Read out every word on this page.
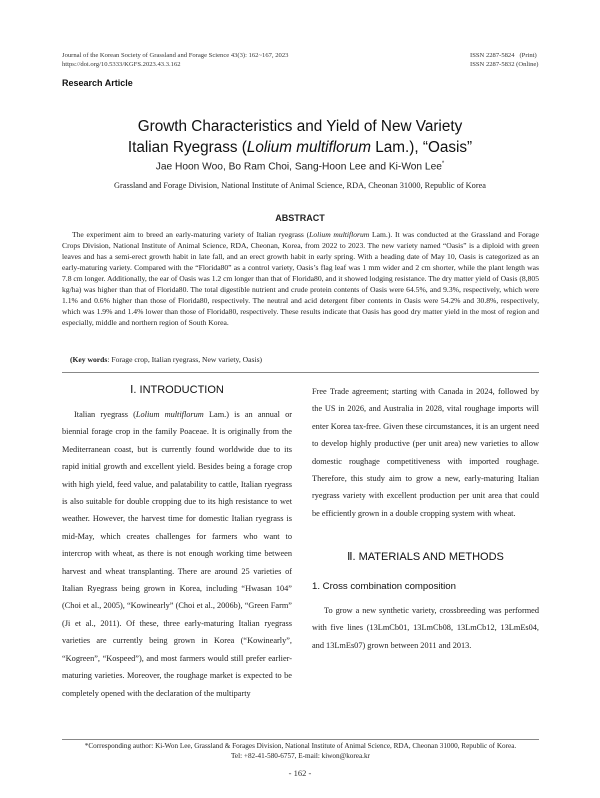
Journal of the Korean Society of Grassland and Forage Science 43(3): 162~167, 2023
https://doi.org/10.5333/KGFS.2023.43.3.162
ISSN 2287-5824   (Print)
ISSN 2287-5832 (Online)
Research Article
Growth Characteristics and Yield of New Variety
Italian Ryegrass (Lolium multiflorum Lam.), “Oasis”
Jae Hoon Woo, Bo Ram Choi, Sang-Hoon Lee and Ki-Won Lee*
Grassland and Forage Division, National Institute of Animal Science, RDA, Cheonan 31000, Republic of Korea
ABSTRACT

The experiment aim to breed an early-maturing variety of Italian ryegrass (Lolium multiflorum Lam.). It was conducted at the Grassland and Forage Crops Division, National Institute of Animal Science, RDA, Cheonan, Korea, from 2022 to 2023. The new variety named “Oasis” is a diploid with green leaves and has a semi-erect growth habit in late fall, and an erect growth habit in early spring. With a heading date of May 10, Oasis is categorized as an early-maturing variety. Compared with the “Florida80” as a control variety, Oasis’s flag leaf was 1 mm wider and 2 cm shorter, while the plant length was 7.8 cm longer. Additionally, the ear of Oasis was 1.2 cm longer than that of Florida80, and it showed lodging resistance. The dry matter yield of Oasis (8,805 kg/ha) was higher than that of Florida80. The total digestible nutrient and crude protein contents of Oasis were 64.5%, and 9.3%, respectively, which were 1.1% and 0.6% higher than those of Florida80, respectively. The neutral and acid detergent fiber contents in Oasis were 54.2% and 30.8%, respectively, which was 1.9% and 1.4% lower than those of Florida80, respectively. These results indicate that Oasis has good dry matter yield in the most of region and especially, middle and northern region of South Korea.

(Key words: Forage crop, Italian ryegrass, New variety, Oasis)
Ⅰ. INTRODUCTION

Italian ryegrass (Lolium multiflorum Lam.) is an annual or biennial forage crop in the family Poaceae. It is originally from the Mediterranean coast, but is currently found worldwide due to its rapid initial growth and excellent yield. Besides being a forage crop with high yield, feed value, and palatability to cattle, Italian ryegrass is also suitable for double cropping due to its high resistance to wet weather. However, the harvest time for domestic Italian ryegrass is mid-May, which creates challenges for farmers who want to intercrop with wheat, as there is not enough working time between harvest and wheat transplanting. There are around 25 varieties of Italian Ryegrass being grown in Korea, including “Hwasan 104” (Choi et al., 2005), “Kowinearly” (Choi et al., 2006b), “Green Farm” (Ji et al., 2011). Of these, three early-maturing Italian ryegrass varieties are currently being grown in Korea (“Kowinearly”, “Kogreen”, “Kospeed”), and most farmers would still prefer earlier-maturing varieties. Moreover, the roughage market is expected to be completely opened with the declaration of the multiparty

Free Trade agreement; starting with Canada in 2024, followed by the US in 2026, and Australia in 2028, vital roughage imports will enter Korea tax-free. Given these circumstances, it is an urgent need to develop highly productive (per unit area) new varieties to allow domestic roughage competitiveness with imported roughage. Therefore, this study aim to grow a new, early-maturing Italian ryegrass variety with excellent production per unit area that could be efficiently grown in a double cropping system with wheat.

Ⅱ. MATERIALS AND METHODS
1. Cross combination composition

To grow a new synthetic variety, crossbreeding was performed with five lines (13LmCb01, 13LmCb08, 13LmCb12, 13LmEs04, and 13LmEs07) grown between 2011 and 2013.

*Corresponding author: Ki-Won Lee, Grassland & Forages Division, National Institute of Animal Science, RDA, Cheonan 31000, Republic of Korea.
Tel: +82-41-580-6757, E-mail: kiwon@korea.kr
- 162 -
